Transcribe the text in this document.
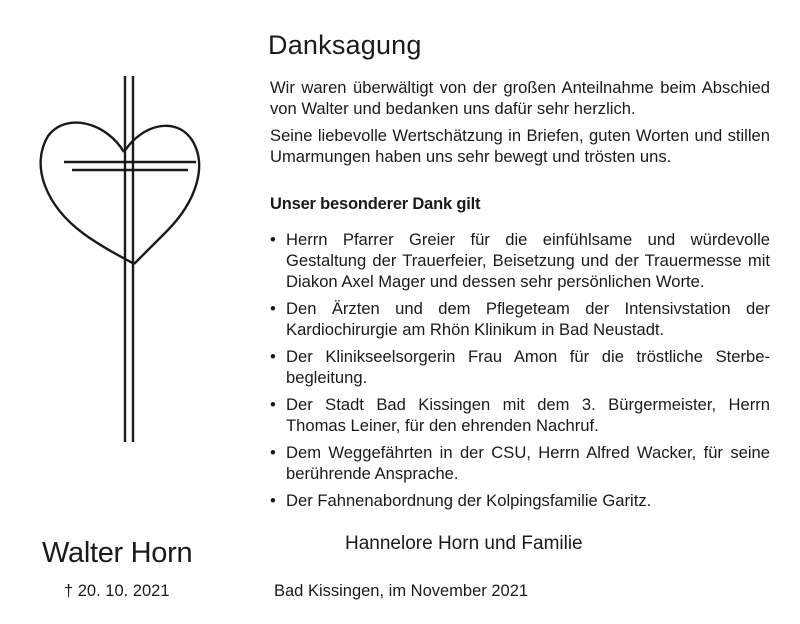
Danksagung

Wir waren überwältigt von der großen Anteilnahme beim Abschied von Walter und bedanken uns dafür sehr herzlich.

Seine liebevolle Wertschätzung in Briefen, guten Worten und stillen Umarmungen haben uns sehr bewegt und trösten uns.

Unser besonderer Dank gilt
• Herrn Pfarrer Greier für die einfühlsame und würdevolle Gestaltung der Trauerfeier, Beisetzung und der Trauermesse mit Diakon Axel Mager und dessen sehr persönlichen Worte.
• Den Ärzten und dem Pflegeteam der Intensivstation der Kardiochirurgie am Rhön Klinikum in Bad Neustadt.
• Der Klinikseelsorgerin Frau Amon für die tröstliche Sterbe-begleitung.
• Der Stadt Bad Kissingen mit dem 3. Bürgermeister, Herrn Thomas Leiner, für den ehrenden Nachruf.
• Dem Weggefährten in der CSU, Herrn Alfred Wacker, für seine berührende Ansprache.
• Der Fahnenabordnung der Kolpingsfamilie Garitz.
Walter Horn
† 20. 10. 2021
Hannelore Horn und Familie
Bad Kissingen, im November 2021
